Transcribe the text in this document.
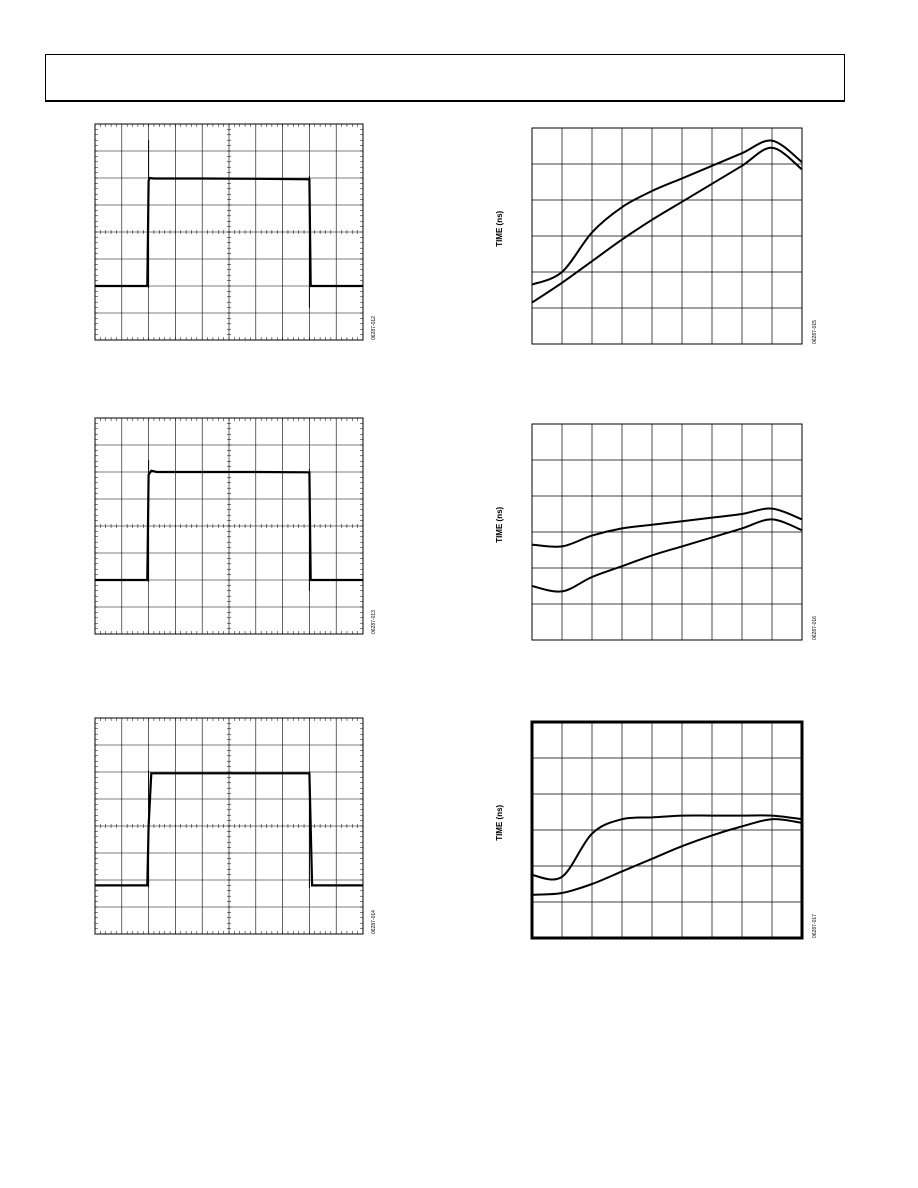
06287-012
06287-013
06287-014
TIME (ns)
06287-015
TIME (ns)
06287-016
TIME (ns)
06287-017
